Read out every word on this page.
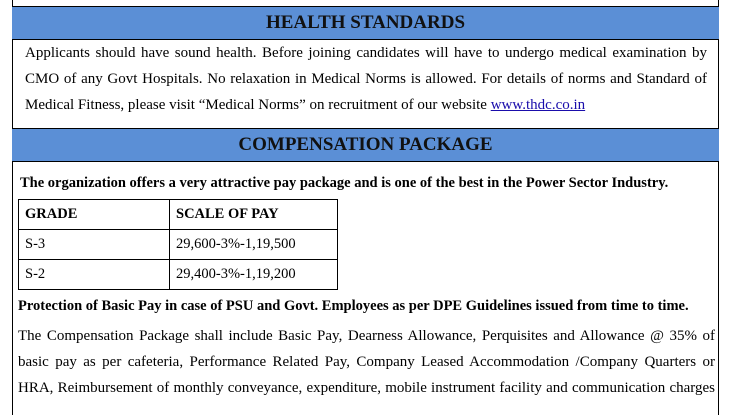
HEALTH STANDARDS
Applicants should have sound health. Before joining candidates will have to undergo medical examination by CMO of any Govt Hospitals. No relaxation in Medical Norms is allowed. For details of norms and Standard of Medical Fitness, please visit “Medical Norms” on recruitment of our website www.thdc.co.in
COMPENSATION PACKAGE
The organization offers a very attractive pay package and is one of the best in the Power Sector Industry.
GRADE	SCALE OF PAY
S-3	29,600-3%-1,19,500
S-2	29,400-3%-1,19,200
Protection of Basic Pay in case of PSU and Govt. Employees as per DPE Guidelines issued from time to time.
The Compensation Package shall include Basic Pay, Dearness Allowance, Perquisites and Allowance @ 35% of basic pay as per cafeteria, Performance Related Pay, Company Leased Accommodation /Company Quarters or HRA, Reimbursement of monthly conveyance, expenditure, mobile instrument facility and communication charges
